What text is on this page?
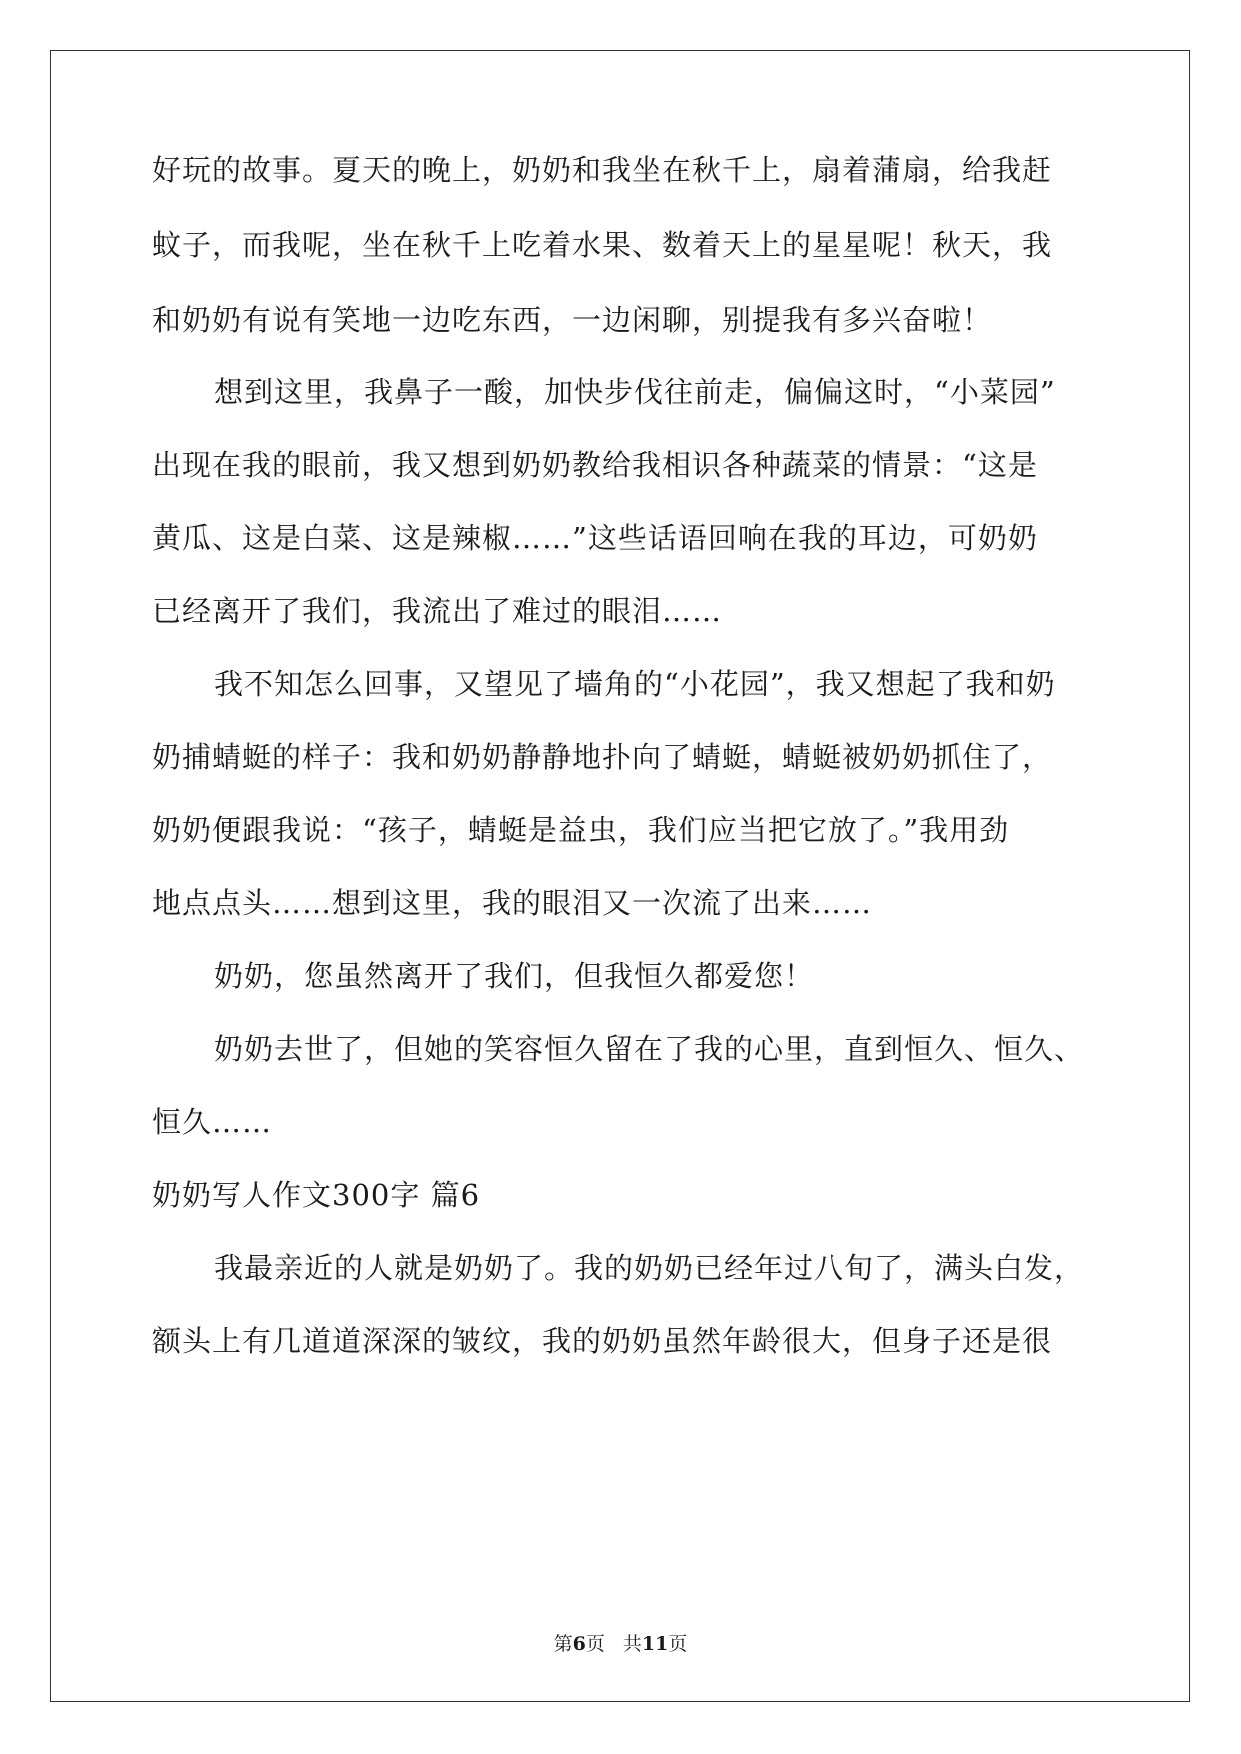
好玩的故事。夏天的晚上，奶奶和我坐在秋千上，扇着蒲扇，给我赶
蚊子，而我呢，坐在秋千上吃着水果、数着天上的星星呢！秋天，我
和奶奶有说有笑地一边吃东西，一边闲聊，别提我有多兴奋啦！
想到这里，我鼻子一酸，加快步伐往前走，偏偏这时，“小菜园”
出现在我的眼前，我又想到奶奶教给我相识各种蔬菜的情景：“这是
黄瓜、这是白菜、这是辣椒……”这些话语回响在我的耳边，可奶奶
已经离开了我们，我流出了难过的眼泪……
我不知怎么回事，又望见了墙角的“小花园”，我又想起了我和奶
奶捕蜻蜓的样子：我和奶奶静静地扑向了蜻蜓，蜻蜓被奶奶抓住了，
奶奶便跟我说：“孩子，蜻蜓是益虫，我们应当把它放了。”我用劲
地点点头……想到这里，我的眼泪又一次流了出来……
奶奶，您虽然离开了我们，但我恒久都爱您！
奶奶去世了，但她的笑容恒久留在了我的心里，直到恒久、恒久、
恒久……
奶奶写人作文300字 篇6
我最亲近的人就是奶奶了。我的奶奶已经年过八旬了，满头白发，
额头上有几道道深深的皱纹，我的奶奶虽然年龄很大，但身子还是很
第6页 共11页
